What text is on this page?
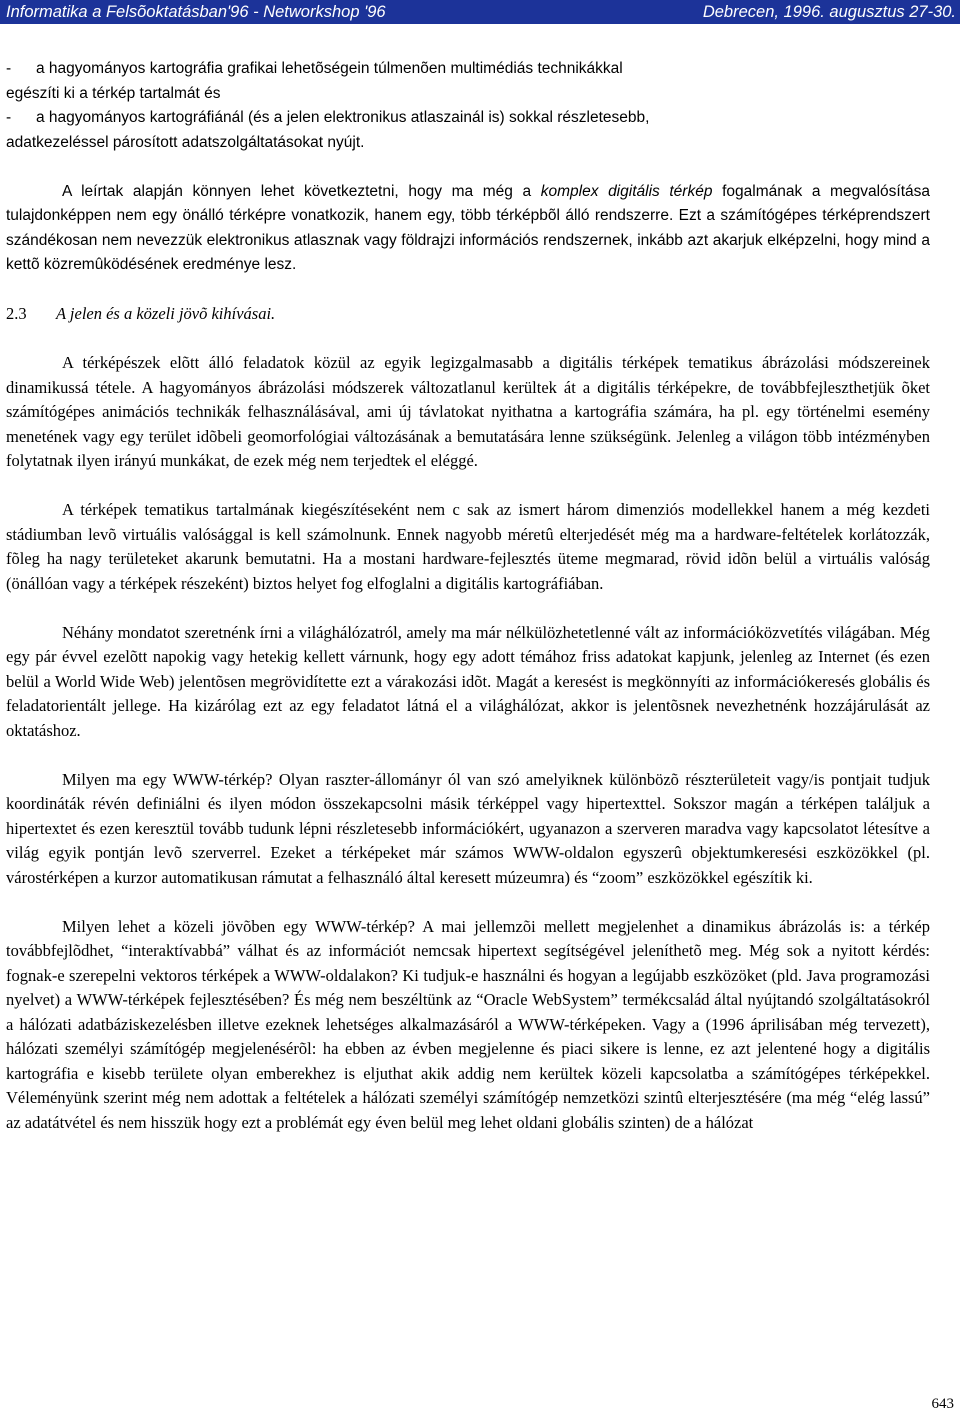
Informatika a Felsõoktatásban'96 - Networkshop '96	Debrecen, 1996. augusztus 27-30.
- a hagyományos kartográfia grafikai lehetõségein túlmenõen multimédiás technikákkal
egészíti ki a térkép tartalmát és
- a hagyományos kartográfiánál (és a jelen elektronikus atlaszainál is) sokkal részletesebb,
adatkezeléssel párosított adatszolgáltatásokat nyújt.

A leírtak alapján könnyen lehet következtetni, hogy ma még a komplex digitális térkép fogalmának a megvalósítása tulajdonképpen nem egy önálló térképre vonatkozik, hanem egy, több térképbõl álló rendszerre. Ezt a számítógépes térképrendszert szándékosan nem nevezzük elektronikus atlasznak vagy földrajzi információs rendszernek, inkább azt akarjuk elképzelni, hogy mind a kettõ közremûködésének eredménye lesz.

2.3 A jelen és a közeli jövõ kihívásai.

A térképészek elõtt álló feladatok közül az egyik legizgalmasabb a digitális térképek tematikus ábrázolási módszereinek dinamikussá tétele. A hagyományos ábrázolási módszerek változatlanul kerültek át a digitális térképekre, de továbbfejleszthetjük õket számítógépes animációs technikák felhasználásával, ami új távlatokat nyithatna a kartográfia számára, ha pl. egy történelmi esemény menetének vagy egy terület idõbeli geomorfológiai változásának a bemutatására lenne szükségünk. Jelenleg a világon több intézményben folytatnak ilyen irányú munkákat, de ezek még nem terjedtek el eléggé.

A térképek tematikus tartalmának kiegészítéseként nem c sak az ismert három dimenziós modellekkel hanem a még kezdeti stádiumban levõ virtuális valósággal is kell számolnunk. Ennek nagyobb méretû elterjedését még ma a hardware-feltételek korlátozzák, fõleg ha nagy területeket akarunk bemutatni. Ha a mostani hardware-fejlesztés üteme megmarad, rövid idõn belül a virtuális valóság (önállóan vagy a térképek részeként) biztos helyet fog elfoglalni a digitális kartográfiában.

Néhány mondatot szeretnénk írni a világhálózatról, amely ma már nélkülözhetetlenné vált az információközvetítés világában. Még egy pár évvel ezelõtt napokig vagy hetekig kellett várnunk, hogy egy adott témához friss adatokat kapjunk, jelenleg az Internet (és ezen belül a World Wide Web) jelentõsen megrövidítette ezt a várakozási idõt. Magát a keresést is megkönnyíti az információkeresés globális és feladatorientált jellege. Ha kizárólag ezt az egy feladatot látná el a világhálózat, akkor is jelentõsnek nevezhetnénk hozzájárulását az oktatáshoz.

Milyen ma egy WWW-térkép? Olyan raszter-állományr ól van szó amelyiknek különbözõ részterületeit vagy/is pontjait tudjuk koordináták révén definiálni és ilyen módon összekapcsolni másik térképpel vagy hipertexttel. Sokszor magán a térképen találjuk a hipertextet és ezen keresztül tovább tudunk lépni részletesebb információkért, ugyanazon a szerveren maradva vagy kapcsolatot létesítve a világ egyik pontján levõ szerverrel. Ezeket a térképeket már számos WWW-oldalon egyszerû objektumkeresési eszközökkel (pl. várostérképen a kurzor automatikusan rámutat a felhasználó által keresett múzeumra) és “zoom” eszközökkel egészítik ki.

Milyen lehet a közeli jövõben egy WWW-térkép? A mai jellemzõi mellett megjelenhet a dinamikus ábrázolás is: a térkép továbbfejlõdhet, “interaktívabbá” válhat és az információt nemcsak hipertext segítségével jeleníthetõ meg. Még sok a nyitott kérdés: fognak-e szerepelni vektoros térképek a WWW-oldalakon? Ki tudjuk-e használni és hogyan a legújabb eszközöket (pld. Java programozási nyelvet) a WWW-térképek fejlesztésében? És még nem beszéltünk az “Oracle WebSystem” termékcsalád által nyújtandó szolgáltatásokról a hálózati adatbáziskezelésben illetve ezeknek lehetséges alkalmazásáról a WWW-térképeken. Vagy a (1996 áprilisában még tervezett), hálózati személyi számítógép megjelenésérõl: ha ebben az évben megjelenne és piaci sikere is lenne, ez azt jelentené hogy a digitális kartográfia e kisebb területe olyan emberekhez is eljuthat akik addig nem kerültek közeli kapcsolatba a számítógépes térképekkel. Véleményünk szerint még nem adottak a feltételek a hálózati személyi számítógép nemzetközi szintû elterjesztésére (ma még “elég lassú” az adatátvétel és nem hisszük hogy ezt a problémát egy éven belül meg lehet oldani globális szinten) de a hálózat

643
